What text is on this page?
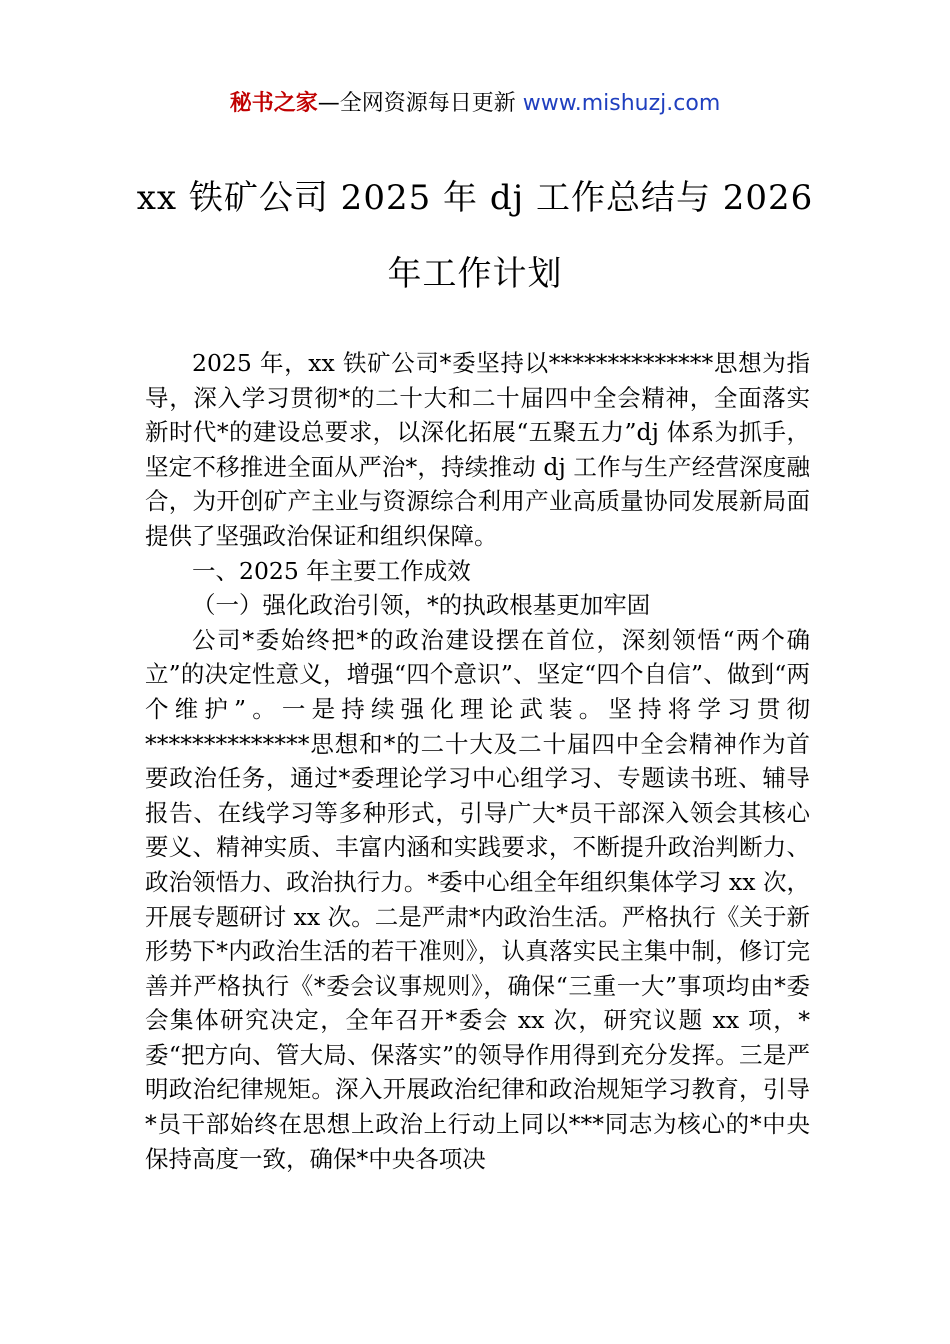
秘书之家—全网资源每日更新 www.mishuzj.com
xx 铁矿公司 2025 年 dj 工作总结与 2026 年工作计划

2025 年，xx 铁矿公司*委坚持以**************思想为指导，深入学习贯彻*的二十大和二十届四中全会精神，全面落实新时代*的建设总要求，以深化拓展“五聚五力”dj 体系为抓手，坚定不移推进全面从严治*，持续推动 dj 工作与生产经营深度融合，为开创矿产主业与资源综合利用产业高质量协同发展新局面提供了坚强政治保证和组织保障。

一、2025 年主要工作成效

（一）强化政治引领，*的执政根基更加牢固

公司*委始终把*的政治建设摆在首位，深刻领悟“两个确立”的决定性意义，增强“四个意识”、坚定“四个自信”、做到“两个维护”。一是持续强化理论武装。坚持将学习贯彻**************思想和*的二十大及二十届四中全会精神作为首要政治任务，通过*委理论学习中心组学习、专题读书班、辅导报告、在线学习等多种形式，引导广大*员干部深入领会其核心要义、精神实质、丰富内涵和实践要求，不断提升政治判断力、政治领悟力、政治执行力。*委中心组全年组织集体学习 xx 次，开展专题研讨 xx 次。二是严肃*内政治生活。严格执行《关于新形势下*内政治生活的若干准则》，认真落实民主集中制，修订完善并严格执行《*委会议事规则》，确保“三重一大”事项均由*委会集体研究决定，全年召开*委会 xx 次，研究议题 xx 项，*委“把方向、管大局、保落实”的领导作用得到充分发挥。三是严明政治纪律规矩。深入开展政治纪律和政治规矩学习教育，引导*员干部始终在思想上政治上行动上同以***同志为核心的*中央保持高度一致，确保*中央各项决
